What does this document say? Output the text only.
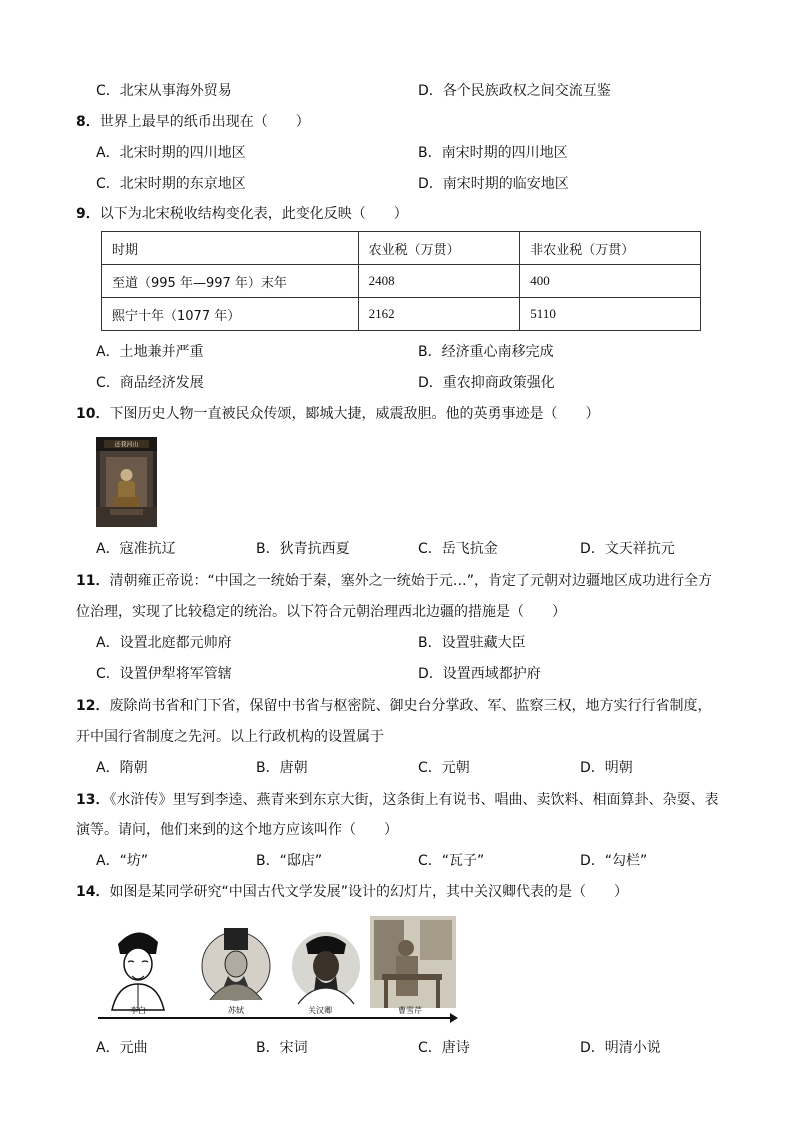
C．北宋从事海外贸易	D．各个民族政权之间交流互鉴
8．世界上最早的纸币出现在（　　）
A．北宋时期的四川地区	B．南宋时期的四川地区
C．北宋时期的东京地区	D．南宋时期的临安地区
9．以下为北宋税收结构变化表，此变化反映（　　）
时期	农业税（万贯）	非农业税（万贯）
至道（995 年—997 年）末年	2408	400
熙宁十年（1077 年）	2162	5110
A．土地兼并严重	B．经济重心南移完成
C．商品经济发展	D．重农抑商政策强化
10．下图历史人物一直被民众传颂，郾城大捷，威震敌胆。他的英勇事迹是（　　）
还我河山
A．寇准抗辽	B．狄青抗西夏	C．岳飞抗金	D．文天祥抗元
11．清朝雍正帝说：“中国之一统始于秦，塞外之一统始于元…”，肯定了元朝对边疆地区成功进行全方
位治理，实现了比较稳定的统治。以下符合元朝治理西北边疆的措施是（　　）
A．设置北庭都元帅府	B．设置驻藏大臣
C．设置伊犁将军管辖	D．设置西域都护府
12．废除尚书省和门下省，保留中书省与枢密院、御史台分掌政、军、监察三权，地方实行行省制度，
开中国行省制度之先河。以上行政机构的设置属于
A．隋朝	B．唐朝	C．元朝	D．明朝
13．《水浒传》里写到李逵、燕青来到东京大街，这条街上有说书、唱曲、卖饮料、相面算卦、杂耍、表
演等。请问，他们来到的这个地方应该叫作（　　）
A．“坊”	B．“邸店”	C．“瓦子”	D．“勾栏”
14．如图是某同学研究“中国古代文学发展”设计的幻灯片，其中关汉卿代表的是（　　）
李白	苏轼	关汉卿	曹雪芹
A．元曲	B．宋词	C．唐诗	D．明清小说
